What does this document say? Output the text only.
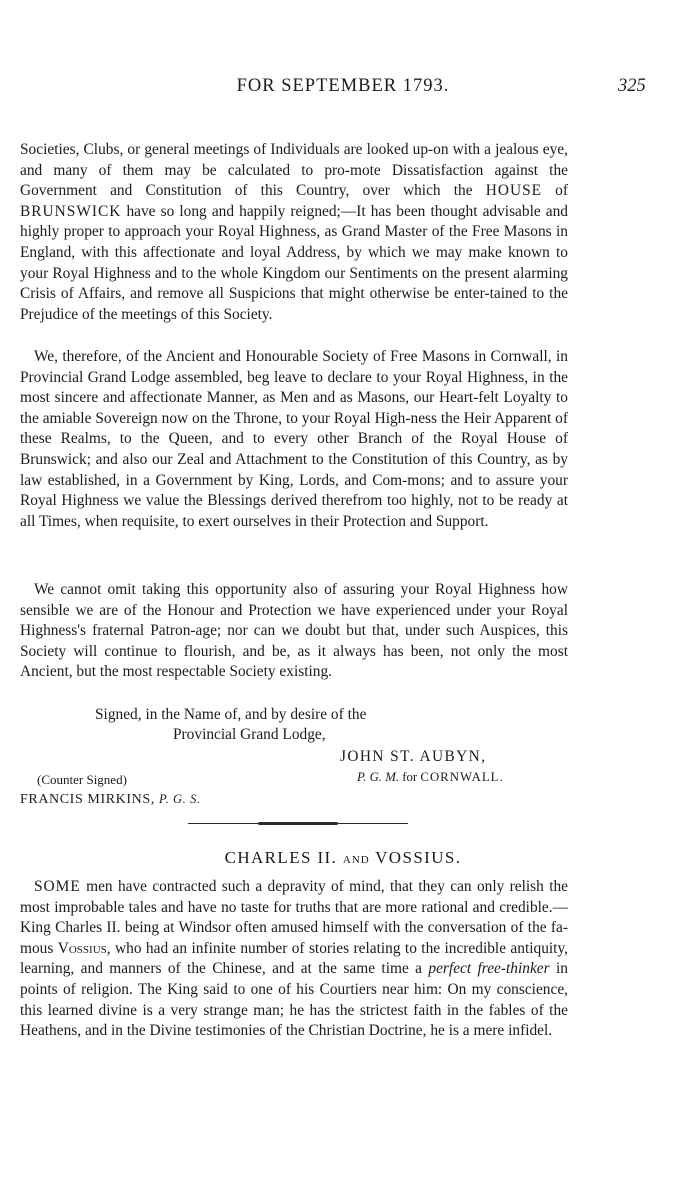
FOR SEPTEMBER 1793.	325

Societies, Clubs, or general meetings of Individuals are looked up-on with a jealous eye, and many of them may be calculated to pro-mote Dissatisfaction against the Government and Constitution of this Country, over which the HOUSE of BRUNSWICK have so long and happily reigned;—It has been thought advisable and highly proper to approach your Royal Highness, as Grand Master of the Free Masons in England, with this affectionate and loyal Address, by which we may make known to your Royal Highness and to the whole Kingdom our Sentiments on the present alarming Crisis of Affairs, and remove all Suspicions that might otherwise be enter-tained to the Prejudice of the meetings of this Society.

We, therefore, of the Ancient and Honourable Society of Free Masons in Cornwall, in Provincial Grand Lodge assembled, beg leave to declare to your Royal Highness, in the most sincere and affectionate Manner, as Men and as Masons, our Heart-felt Loyalty to the amiable Sovereign now on the Throne, to your Royal High-ness the Heir Apparent of these Realms, to the Queen, and to every other Branch of the Royal House of Brunswick; and also our Zeal and Attachment to the Constitution of this Country, as by law established, in a Government by King, Lords, and Com-mons; and to assure your Royal Highness we value the Blessings derived therefrom too highly, not to be ready at all Times, when requisite, to exert ourselves in their Protection and Support.

We cannot omit taking this opportunity also of assuring your Royal Highness how sensible we are of the Honour and Protection we have experienced under your Royal Highness's fraternal Patron-age; nor can we doubt but that, under such Auspices, this Society will continue to flourish, and be, as it always has been, not only the most Ancient, but the most respectable Society existing.

Signed, in the Name of, and by desire of the
Provincial Grand Lodge,
JOHN ST. AUBYN,
P. G. M. for CORNWALL.
(Counter Signed)
FRANCIS MIRKINS, P. G. S.
CHARLES II. AND VOSSIUS.

SOME men have contracted such a depravity of mind, that they can only relish the most improbable tales and have no taste for truths that are more rational and credible.—King Charles II. being at Windsor often amused himself with the conversation of the fa-mous Vossius, who had an infinite number of stories relating to the incredible antiquity, learning, and manners of the Chinese, and at the same time a perfect free-thinker in points of religion. The King said to one of his Courtiers near him: On my conscience, this learned divine is a very strange man; he has the strictest faith in the fables of the Heathens, and in the Divine testimonies of the Christian Doctrine, he is a mere infidel.
